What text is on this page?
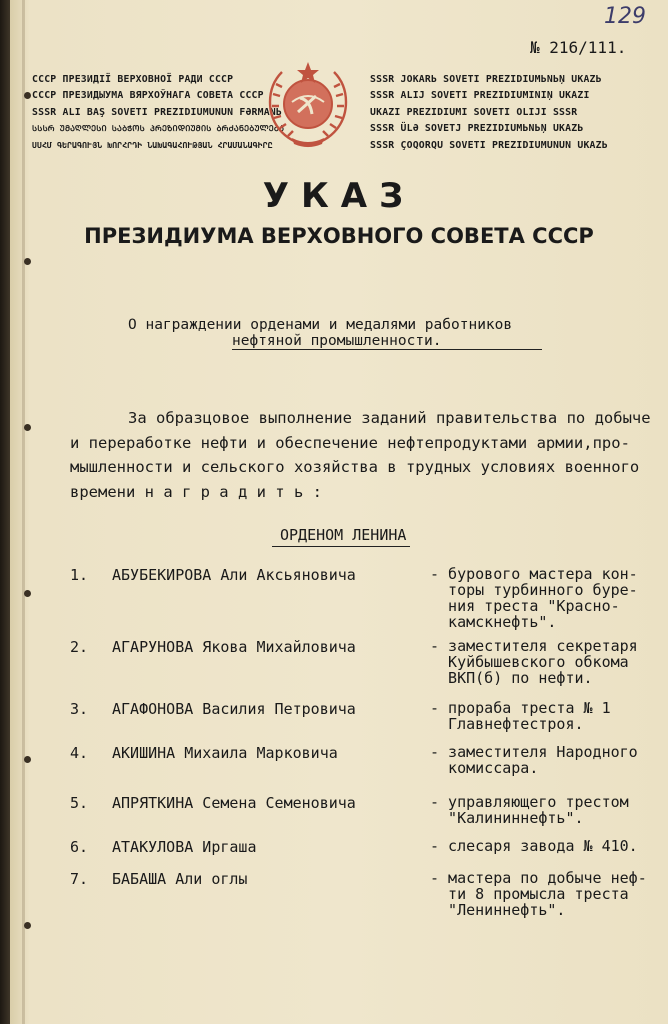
129
№ 216/111.
СССР ПРЕЗИДІЇ ВЕРХОВНОЇ РАДИ СССР
СССР ПРЕЗИДЫУМА ВЯРХОЎНАГА СОВЕТА СССР
SSSR ALI BAŞ SOVETI PREZIDIUMUNUN FƏRMANЬ
ᲡᲡᲡᲠ ᲣᲛᲐᲦᲚᲔᲡᲘ ᲡᲐᲑᲭᲝᲡ ᲞᲠᲔᲖᲘᲓᲘᲣᲛᲘᲡ ᲑᲠᲫᲐᲜᲔᲑᲣᲚᲔᲑᲐ
ՍՍՀՄ ԳԵՐԱԳՈՒՅՆ ԽՈՐՀՐԴԻ ՆԱԽԱԳԱՀՈՒԹՅԱՆ ՀՐԱՄԱՆԱԳԻՐԸ
SSSR JOKARЬ SOVETI PREZIDIUMЬNЬŅ UKAZЬ
SSSR ALIJ SOVETI PREZIDIUMINIŅ UKAZI
UKAZI PREZIDIUMI SOVETI OLIJI SSSR
SSSR ÜLƏ SOVETJ PREZIDIUMЬNЬŅ UKAZЬ
SSSR ÇOQORQU SOVETI PREZIDIUMUNUN UKAZЬ
УКАЗ
ПРЕЗИДИУМА ВЕРХОВНОГО СОВЕТА СССР
О награждении орденами и медалями работников
нефтяной промышленности.
За образцовое выполнение заданий правительства по добыче
и переработке нефти и обеспечение нефтепродуктами армии,про-
мышленности и сельского хозяйства в трудных условиях военного
времени н а г р а д и т ь :
ОРДЕНОМ ЛЕНИНА
1. АБУБЕКИРОВА Али Аксьяновича	- бурового мастера кон-
торы турбинного буре-
ния треста "Красно-
камскнефть".
2. АГАРУНОВА Якова Михайловича	- заместителя секретаря
Куйбышевского обкома
ВКП(б) по нефти.
3. АГАФОНОВА Василия Петровича	- прораба треста № 1
Главнефтестроя.
4. АКИШИНА Михаила Марковича	- заместителя Народного
комиссара.
5. АПРЯТКИНА Семена Семеновича	- управляющего трестом
"Калининнефть".
6. АТАКУЛОВА Иргаша	- слесаря завода № 410.
7. БАБАША Али оглы	- мастера по добыче неф-
ти 8 промысла треста
"Лениннефть".
